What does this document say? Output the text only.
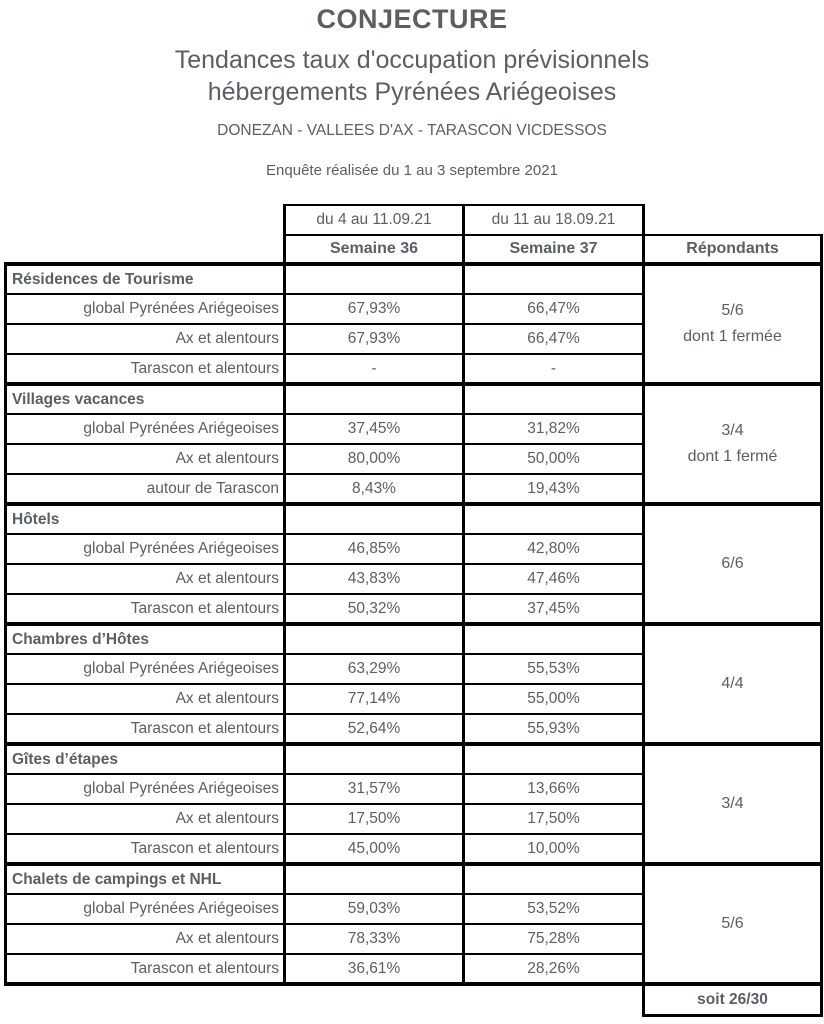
CONJECTURE
Tendances taux d'occupation prévisionnels
hébergements Pyrénées Ariégeoises
DONEZAN - VALLEES D'AX - TARASCON VICDESSOS
Enquête réalisée du 1 au 3 septembre 2021
	du 4 au 11.09.21	du 11 au 18.09.21	
	Semaine 36	Semaine 37	Répondants
Résidences de Tourisme			5/6
dont 1 fermée

global Pyrénées Ariégeoises	67,93%	66,47%	
Ax et alentours	67,93%	66,47%	
Tarascon et alentours	-	-	
Villages vacances			3/4
dont 1 fermé

global Pyrénées Ariégeoises	37,45%	31,82%	
Ax et alentours	80,00%	50,00%	
autour de Tarascon	8,43%	19,43%	
Hôtels			6/6

global Pyrénées Ariégeoises	46,85%	42,80%	
Ax et alentours	43,83%	47,46%	
Tarascon et alentours	50,32%	37,45%	
Chambres d’Hôtes			4/4

global Pyrénées Ariégeoises	63,29%	55,53%	
Ax et alentours	77,14%	55,00%	
Tarascon et alentours	52,64%	55,93%	
Gîtes d’étapes			3/4

global Pyrénées Ariégeoises	31,57%	13,66%	
Ax et alentours	17,50%	17,50%	
Tarascon et alentours	45,00%	10,00%	
Chalets de campings et NHL			5/6

global Pyrénées Ariégeoises	59,03%	53,52%	
Ax et alentours	78,33%	75,28%	
Tarascon et alentours	36,61%	28,26%	
			soit 26/30
